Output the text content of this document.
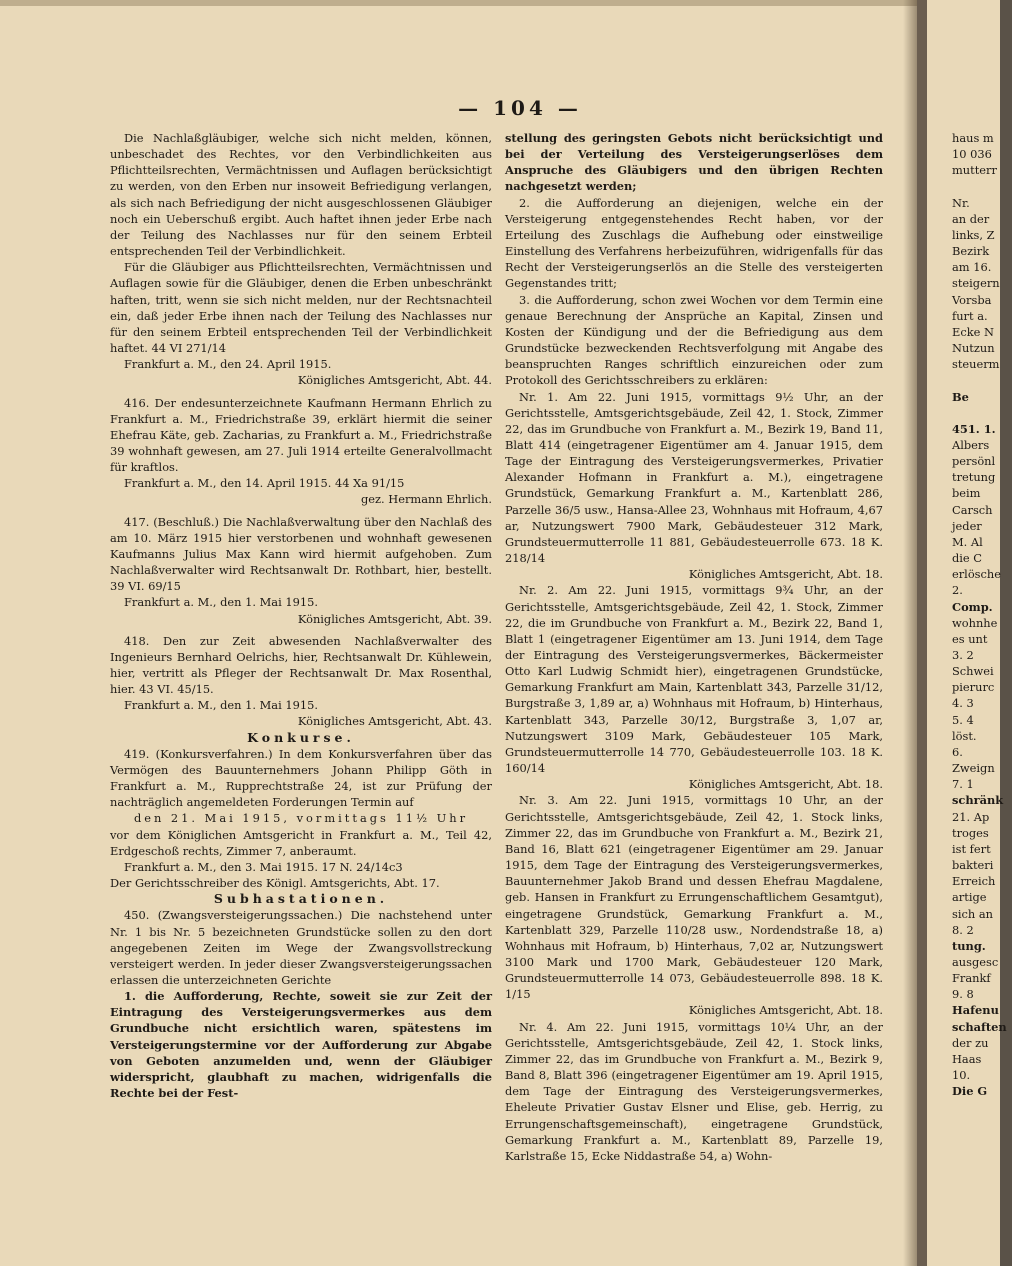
— 104 —

Die Nachlaßgläubiger, welche sich nicht melden, können, unbeschadet des Rechtes, vor den Verbindlichkeiten aus Pflichtteilsrechten, Vermächtnissen und Auflagen berücksichtigt zu werden, von den Erben nur insoweit Befriedigung verlangen, als sich nach Befriedigung der nicht ausgeschlossenen Gläubiger noch ein Ueberschuß ergibt. Auch haftet ihnen jeder Erbe nach der Teilung des Nachlasses nur für den seinem Erbteil entsprechenden Teil der Verbindlichkeit.

Für die Gläubiger aus Pflichtteilsrechten, Vermächtnissen und Auflagen sowie für die Gläubiger, denen die Erben unbeschränkt haften, tritt, wenn sie sich nicht melden, nur der Rechtsnachteil ein, daß jeder Erbe ihnen nach der Teilung des Nachlasses nur für den seinem Erbteil entsprechenden Teil der Verbindlichkeit haftet. 44 VI 271/14

Frankfurt a. M., den 24. April 1915.

Königliches Amtsgericht, Abt. 44.

416. Der endesunterzeichnete Kaufmann Hermann Ehrlich zu Frankfurt a. M., Friedrichstraße 39, erklärt hiermit die seiner Ehefrau Käte, geb. Zacharias, zu Frankfurt a. M., Friedrichstraße 39 wohnhaft gewesen, am 27. Juli 1914 erteilte Generalvollmacht für kraftlos.

Frankfurt a. M., den 14. April 1915. 44 Xa 91/15

gez. Hermann Ehrlich.

417. (Beschluß.) Die Nachlaßverwaltung über den Nachlaß des am 10. März 1915 hier verstorbenen und wohnhaft gewesenen Kaufmanns Julius Max Kann wird hiermit aufgehoben. Zum Nachlaßverwalter wird Rechtsanwalt Dr. Rothbart, hier, bestellt. 39 VI. 69/15

Frankfurt a. M., den 1. Mai 1915.

Königliches Amtsgericht, Abt. 39.

418. Den zur Zeit abwesenden Nachlaßverwalter des Ingenieurs Bernhard Oelrichs, hier, Rechtsanwalt Dr. Kühlewein, hier, vertritt als Pfleger der Rechtsanwalt Dr. Max Rosenthal, hier. 43 VI. 45/15.

Frankfurt a. M., den 1. Mai 1915.

Königliches Amtsgericht, Abt. 43.

Konkurse.

419. (Konkursverfahren.) In dem Konkursverfahren über das Vermögen des Bauunternehmers Johann Philipp Göth in Frankfurt a. M., Rupprechtstraße 24, ist zur Prüfung der nachträglich angemeldeten Forderungen Termin auf

den 21. Mai 1915, vormittags 11½ Uhr

vor dem Königlichen Amtsgericht in Frankfurt a. M., Teil 42, Erdgeschoß rechts, Zimmer 7, anberaumt.

Frankfurt a. M., den 3. Mai 1915. 17 N. 24/14c3

Der Gerichtsschreiber des Königl. Amtsgerichts, Abt. 17.

Subhastationen.

450. (Zwangsversteigerungssachen.) Die nachstehend unter Nr. 1 bis Nr. 5 bezeichneten Grundstücke sollen zu den dort angegebenen Zeiten im Wege der Zwangsvollstreckung versteigert werden. In jeder dieser Zwangsversteigerungssachen erlassen die unterzeichneten Gerichte

1. die Aufforderung, Rechte, soweit sie zur Zeit der Eintragung des Versteigerungsvermerkes aus dem Grundbuche nicht ersichtlich waren, spätestens im Versteigerungstermine vor der Aufforderung zur Abgabe von Geboten anzumelden und, wenn der Gläubiger widerspricht, glaubhaft zu machen, widrigenfalls die Rechte bei der Fest-

stellung des geringsten Gebots nicht berücksichtigt und bei der Verteilung des Versteigerungserlöses dem Anspruche des Gläubigers und den übrigen Rechten nachgesetzt werden;

2. die Aufforderung an diejenigen, welche ein der Versteigerung entgegenstehendes Recht haben, vor der Erteilung des Zuschlags die Aufhebung oder einstweilige Einstellung des Verfahrens herbeizuführen, widrigenfalls für das Recht der Versteigerungserlös an die Stelle des versteigerten Gegenstandes tritt;

3. die Aufforderung, schon zwei Wochen vor dem Termin eine genaue Berechnung der Ansprüche an Kapital, Zinsen und Kosten der Kündigung und der die Befriedigung aus dem Grundstücke bezweckenden Rechtsverfolgung mit Angabe des beanspruchten Ranges schriftlich einzureichen oder zum Protokoll des Gerichtsschreibers zu erklären:

Nr. 1. Am 22. Juni 1915, vormittags 9½ Uhr, an der Gerichtsstelle, Amtsgerichtsgebäude, Zeil 42, 1. Stock, Zimmer 22, das im Grundbuche von Frankfurt a. M., Bezirk 19, Band 11, Blatt 414 (eingetragener Eigentümer am 4. Januar 1915, dem Tage der Eintragung des Versteigerungsvermerkes, Privatier Alexander Hofmann in Frankfurt a. M.), eingetragene Grundstück, Gemarkung Frankfurt a. M., Kartenblatt 286, Parzelle 36/5 usw., Hansa-Allee 23, Wohnhaus mit Hofraum, 4,67 ar, Nutzungswert 7900 Mark, Gebäudesteuer 312 Mark, Grundsteuermutterrolle 11 881, Gebäudesteuerrolle 673. 18 K. 218/14

Königliches Amtsgericht, Abt. 18.

Nr. 2. Am 22. Juni 1915, vormittags 9¾ Uhr, an der Gerichtsstelle, Amtsgerichtsgebäude, Zeil 42, 1. Stock, Zimmer 22, die im Grundbuche von Frankfurt a. M., Bezirk 22, Band 1, Blatt 1 (eingetragener Eigentümer am 13. Juni 1914, dem Tage der Eintragung des Versteigerungsvermerkes, Bäckermeister Otto Karl Ludwig Schmidt hier), eingetragenen Grundstücke, Gemarkung Frankfurt am Main, Kartenblatt 343, Parzelle 31/12, Burgstraße 3, 1,89 ar, a) Wohnhaus mit Hofraum, b) Hinterhaus, Kartenblatt 343, Parzelle 30/12, Burgstraße 3, 1,07 ar, Nutzungswert 3109 Mark, Gebäudesteuer 105 Mark, Grundsteuermutterrolle 14 770, Gebäudesteuerrolle 103. 18 K. 160/14

Königliches Amtsgericht, Abt. 18.

Nr. 3. Am 22. Juni 1915, vormittags 10 Uhr, an der Gerichtsstelle, Amtsgerichtsgebäude, Zeil 42, 1. Stock links, Zimmer 22, das im Grundbuche von Frankfurt a. M., Bezirk 21, Band 16, Blatt 621 (eingetragener Eigentümer am 29. Januar 1915, dem Tage der Eintragung des Versteigerungsvermerkes, Bauunternehmer Jakob Brand und dessen Ehefrau Magdalene, geb. Hansen in Frankfurt zu Errungenschaftlichem Gesamtgut), eingetragene Grundstück, Gemarkung Frankfurt a. M., Kartenblatt 329, Parzelle 110/28 usw., Nordendstraße 18, a) Wohnhaus mit Hofraum, b) Hinterhaus, 7,02 ar, Nutzungswert 3100 Mark und 1700 Mark, Gebäudesteuer 120 Mark, Grundsteuermutterrolle 14 073, Gebäudesteuerrolle 898. 18 K. 1/15

Königliches Amtsgericht, Abt. 18.

Nr. 4. Am 22. Juni 1915, vormittags 10¼ Uhr, an der Gerichtsstelle, Amtsgerichtsgebäude, Zeil 42, 1. Stock links, Zimmer 22, das im Grundbuche von Frankfurt a. M., Bezirk 9, Band 8, Blatt 396 (eingetragener Eigentümer am 19. April 1915, dem Tage der Eintragung des Versteigerungsvermerkes, Eheleute Privatier Gustav Elsner und Elise, geb. Herrig, zu Errungenschaftsgemeinschaft), eingetragene Grundstück, Gemarkung Frankfurt a. M., Kartenblatt 89, Parzelle 19, Karlstraße 15, Ecke Niddastraße 54, a) Wohn-

haus m

10 036

mutterr

Nr.

an der

links, Z

Bezirk

am 16.

steigern

Vorsba

furt a.

Ecke N

Nutzun

steuerm

Be

451. 1.

Albers

persönl

tretung

beim

Carsch

jeder

M. Al

die C

erlösche

2.

Comp.

wohnhe

es unt

3. 2

Schwei

pierurc

4. 3

5. 4

löst.

6.

Zweign

7. 1

schränk

21. Ap

troges

ist fert

bakteri

Erreich

artige

sich an

8. 2

tung.

ausgesc

Frankf

9. 8

Hafenu

schaften

der zu

Haas

10.

Die G
